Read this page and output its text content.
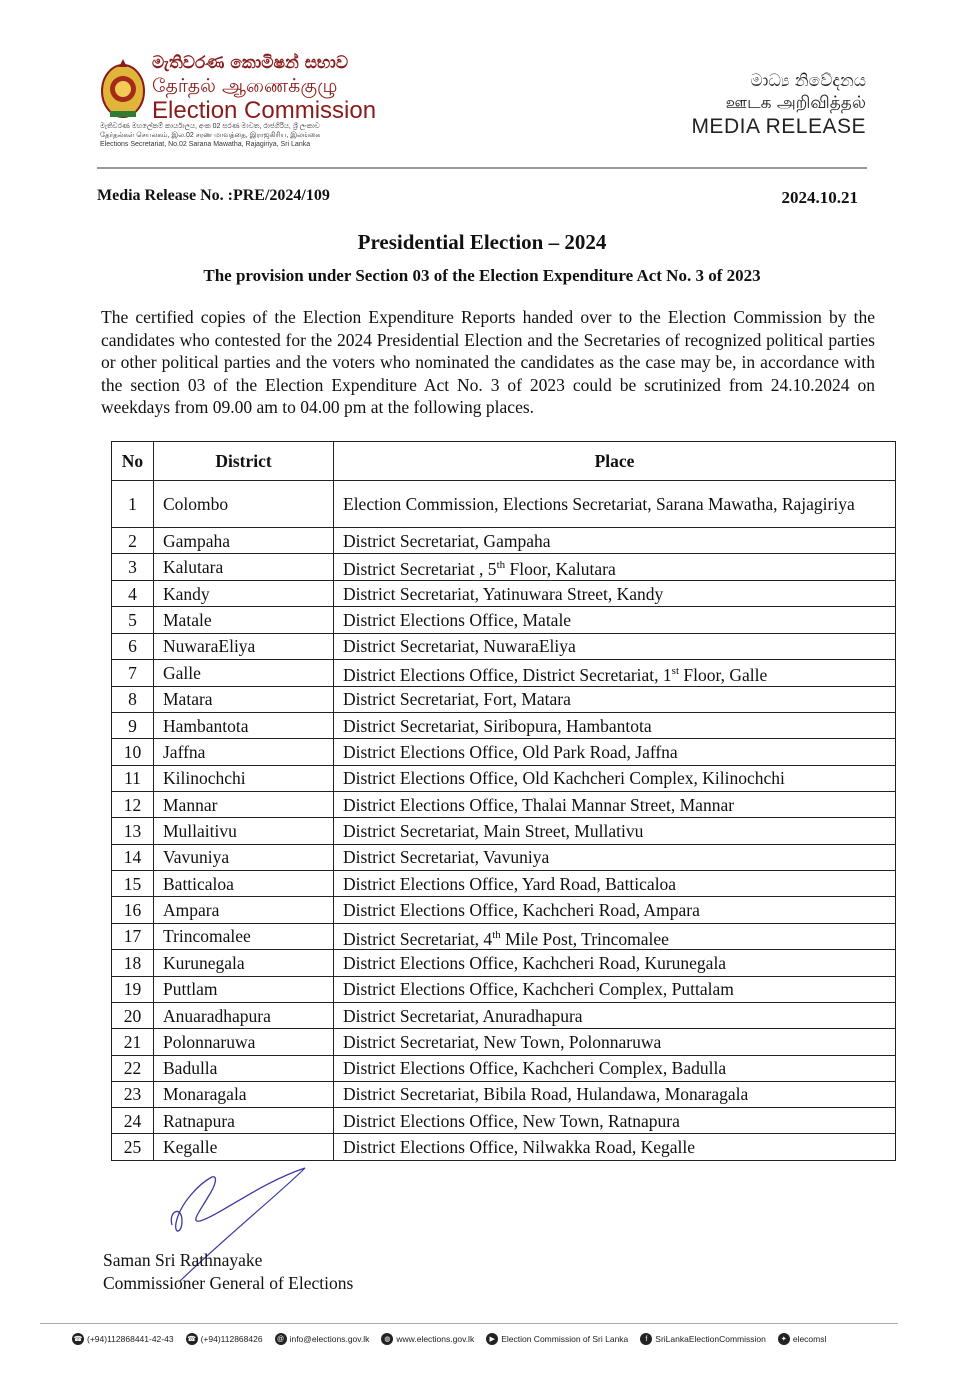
මැතිවරණ කොමිෂන් සභාව
தேர்தல் ஆணைக்குழு
Election Commission
මැතිවරණ මහලේකම් කාර්යාලය, අංක 02 සරණ මාවත, රාජගිරිය, ශ්‍රී ලංකාව
தேர்தல்கள் செயலகம், இல.02 சரண மாவத்தை, இராஜகிரிய, இலங்கை
Elections Secretariat, No.02 Sarana Mawatha, Rajagiriya, Sri Lanka
මාධ්‍ය නිවේදනය
ஊடக அறிவித்தல்
MEDIA RELEASE
Media Release No. :PRE/2024/109	2024.10.21
Presidential Election – 2024
The provision under Section 03 of the Election Expenditure Act No. 3 of 2023
The certified copies of the Election Expenditure Reports handed over to the Election Commission by the candidates who contested for the 2024 Presidential Election and the Secretaries of recognized political parties or other political parties and the voters who nominated the candidates as the case may be, in accordance with the section 03 of the Election Expenditure Act No. 3 of 2023 could be scrutinized from 24.10.2024 on weekdays from 09.00 am to 04.00 pm at the following places.
No	District	Place
1	Colombo	Election Commission, Elections Secretariat, Sarana Mawatha, Rajagiriya
2	Gampaha	District Secretariat, Gampaha
3	Kalutara	District Secretariat , 5th Floor, Kalutara
4	Kandy	District Secretariat, Yatinuwara Street, Kandy
5	Matale	District Elections Office, Matale
6	NuwaraEliya	District Secretariat, NuwaraEliya
7	Galle	District Elections Office, District Secretariat, 1st Floor, Galle
8	Matara	District Secretariat, Fort, Matara
9	Hambantota	District Secretariat, Siribopura, Hambantota
10	Jaffna	District Elections Office, Old Park Road, Jaffna
11	Kilinochchi	District Elections Office, Old Kachcheri Complex, Kilinochchi
12	Mannar	District Elections Office, Thalai Mannar Street, Mannar
13	Mullaitivu	District Secretariat, Main Street, Mullativu
14	Vavuniya	District Secretariat, Vavuniya
15	Batticaloa	District Elections Office, Yard Road, Batticaloa
16	Ampara	District Elections Office, Kachcheri Road, Ampara
17	Trincomalee	District Secretariat, 4th Mile Post, Trincomalee
18	Kurunegala	District Elections Office, Kachcheri Road, Kurunegala
19	Puttlam	District Elections Office, Kachcheri Complex, Puttalam
20	Anuaradhapura	District Secretariat, Anuradhapura
21	Polonnaruwa	District Secretariat, New Town, Polonnaruwa
22	Badulla	District Elections Office, Kachcheri Complex, Badulla
23	Monaragala	District Secretariat, Bibila Road, Hulandawa, Monaragala
24	Ratnapura	District Elections Office, New Town, Ratnapura
25	Kegalle	District Elections Office, Nilwakka Road, Kegalle
Saman Sri Rathnayake
Commissioner General of Elections
☎ (+94)112868441-42-43 ☎ (+94)112868426	@ info@elections.gov.lk	◍ www.elections.gov.lk	▶ Election Commission of Sri Lanka	f SriLankaElectionCommission	✦ elecomsl
